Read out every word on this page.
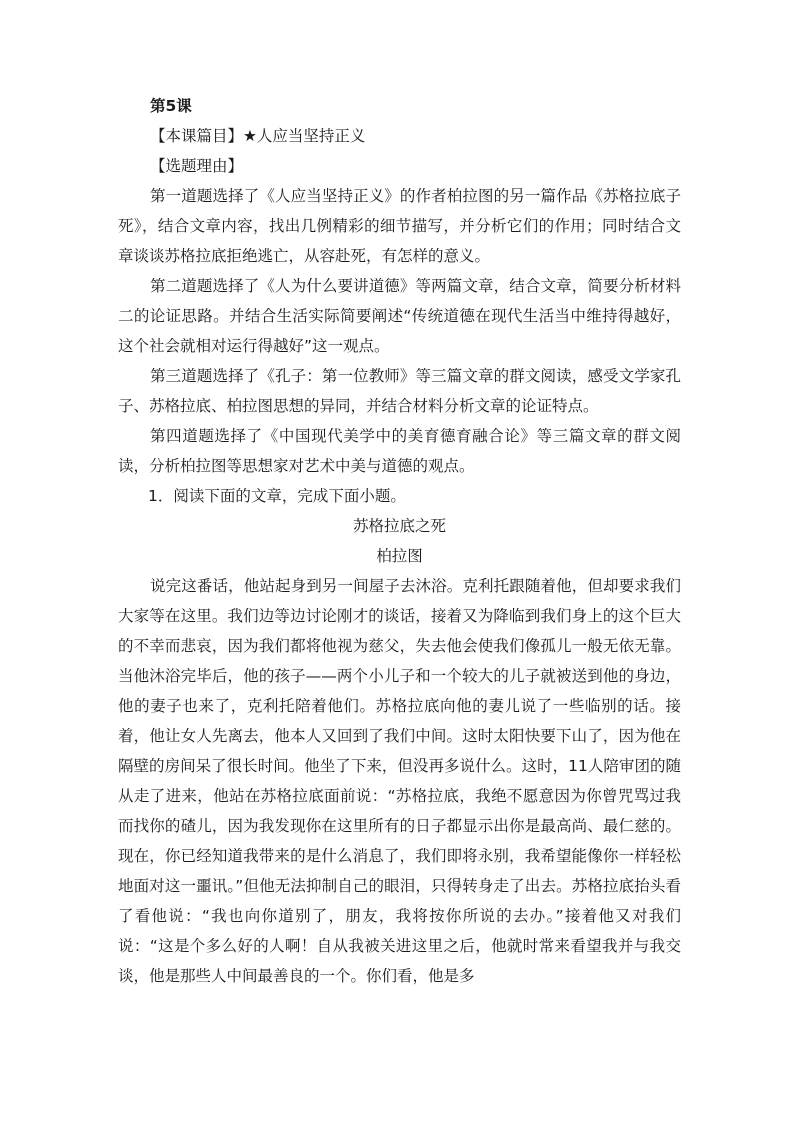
第5课
【本课篇目】★人应当坚持正义
【选题理由】

第一道题选择了《人应当坚持正义》的作者柏拉图的另一篇作品《苏格拉底子死》，结合文章内容，找出几例精彩的细节描写，并分析它们的作用；同时结合文章谈谈苏格拉底拒绝逃亡，从容赴死，有怎样的意义。

第二道题选择了《人为什么要讲道德》等两篇文章，结合文章，简要分析材料二的论证思路。并结合生活实际简要阐述“传统道德在现代生活当中维持得越好，这个社会就相对运行得越好”这一观点。

第三道题选择了《孔子：第一位教师》等三篇文章的群文阅读，感受文学家孔子、苏格拉底、柏拉图思想的异同，并结合材料分析文章的论证特点。

第四道题选择了《中国现代美学中的美育德育融合论》等三篇文章的群文阅读，分析柏拉图等思想家对艺术中美与道德的观点。

1．阅读下面的文章，完成下面小题。
苏格拉底之死
柏拉图

说完这番话，他站起身到另一间屋子去沐浴。克利托跟随着他，但却要求我们大家等在这里。我们边等边讨论刚才的谈话，接着又为降临到我们身上的这个巨大的不幸而悲哀，因为我们都将他视为慈父，失去他会使我们像孤儿一般无依无靠。当他沐浴完毕后，他的孩子——两个小儿子和一个较大的儿子就被送到他的身边，他的妻子也来了，克利托陪着他们。苏格拉底向他的妻儿说了一些临别的话。接着，他让女人先离去，他本人又回到了我们中间。这时太阳快要下山了，因为他在隔壁的房间呆了很长时间。他坐了下来，但没再多说什么。这时，11人陪审团的随从走了进来，他站在苏格拉底面前说：“苏格拉底，我绝不愿意因为你曾咒骂过我而找你的碴儿，因为我发现你在这里所有的日子都显示出你是最高尚、最仁慈的。现在，你已经知道我带来的是什么消息了，我们即将永别，我希望能像你一样轻松地面对这一噩讯。”但他无法抑制自己的眼泪，只得转身走了出去。苏格拉底抬头看了看他说：“我也向你道别了，朋友，我将按你所说的去办。”接着他又对我们说：“这是个多么好的人啊！自从我被关进这里之后，他就时常来看望我并与我交谈，他是那些人中间最善良的一个。你们看，他是多
